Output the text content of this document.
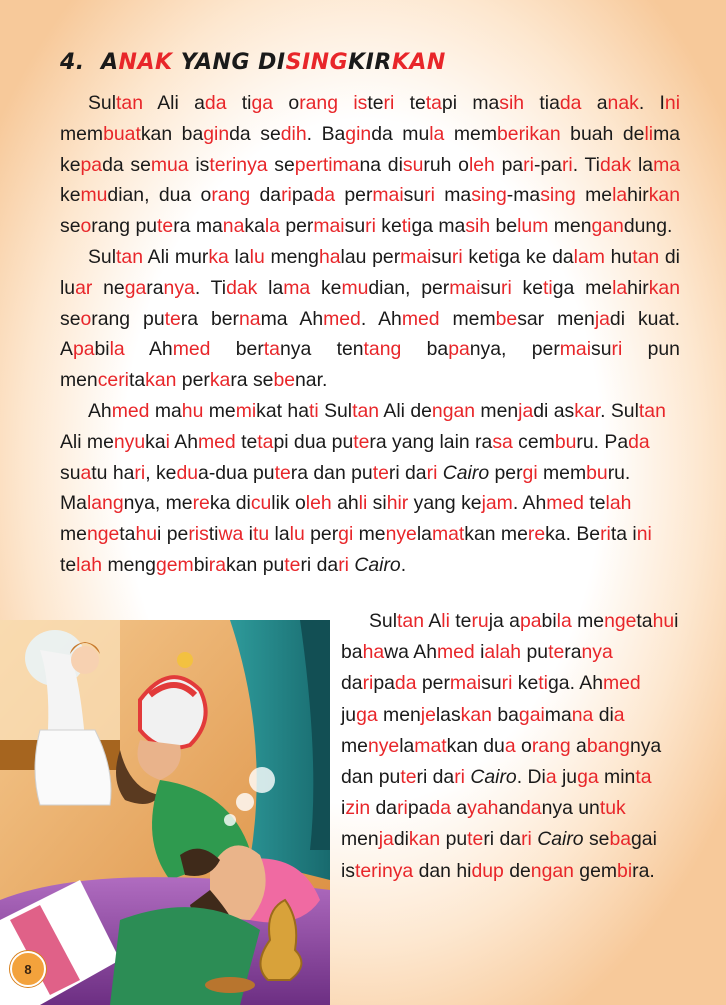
4. ANAK YANG DISINGKIRKAN

Sultan Ali ada tiga orang isteri tetapi masih tiada anak. Ini membuatkan baginda sedih. Baginda mula memberikan buah delima kepada semua isterinya sepertimana disuruh oleh pari-pari. Tidak lama kemudian, dua orang daripada permaisuri masing-masing melahirkan seorang putera manakala permaisuri ketiga masih belum mengandung.

Sultan Ali murka lalu menghalau permaisuri ketiga ke dalam hutan di luar negaranya. Tidak lama kemudian, permaisuri ketiga melahirkan seorang putera bernama Ahmed. Ahmed membesar menjadi kuat. Apabila Ahmed bertanya tentang bapanya, permaisuri pun menceritakan perkara sebenar.

Ahmed mahu memikat hati Sultan Ali dengan menjadi askar. Sultan Ali menyukai Ahmed tetapi dua putera yang lain rasa cemburu. Pada suatu hari, kedua-dua putera dan puteri dari Cairo pergi memburu. Malangnya, mereka diculik oleh ahli sihir yang kejam. Ahmed telah mengetahui peristiwa itu lalu pergi menyelamatkan mereka. Berita ini telah menggembirakan puteri dari Cairo.

Sultan Ali teruja apabila mengetahui bahawa Ahmed ialah puteranya daripada permaisuri ketiga. Ahmed juga menjelaskan bagaimana dia menyelamatkan dua orang abangnya dan puteri dari Cairo. Dia juga minta izin daripada ayahandanya untuk menjadikan puteri dari Cairo sebagai isterinya dan hidup dengan gembira.

8
